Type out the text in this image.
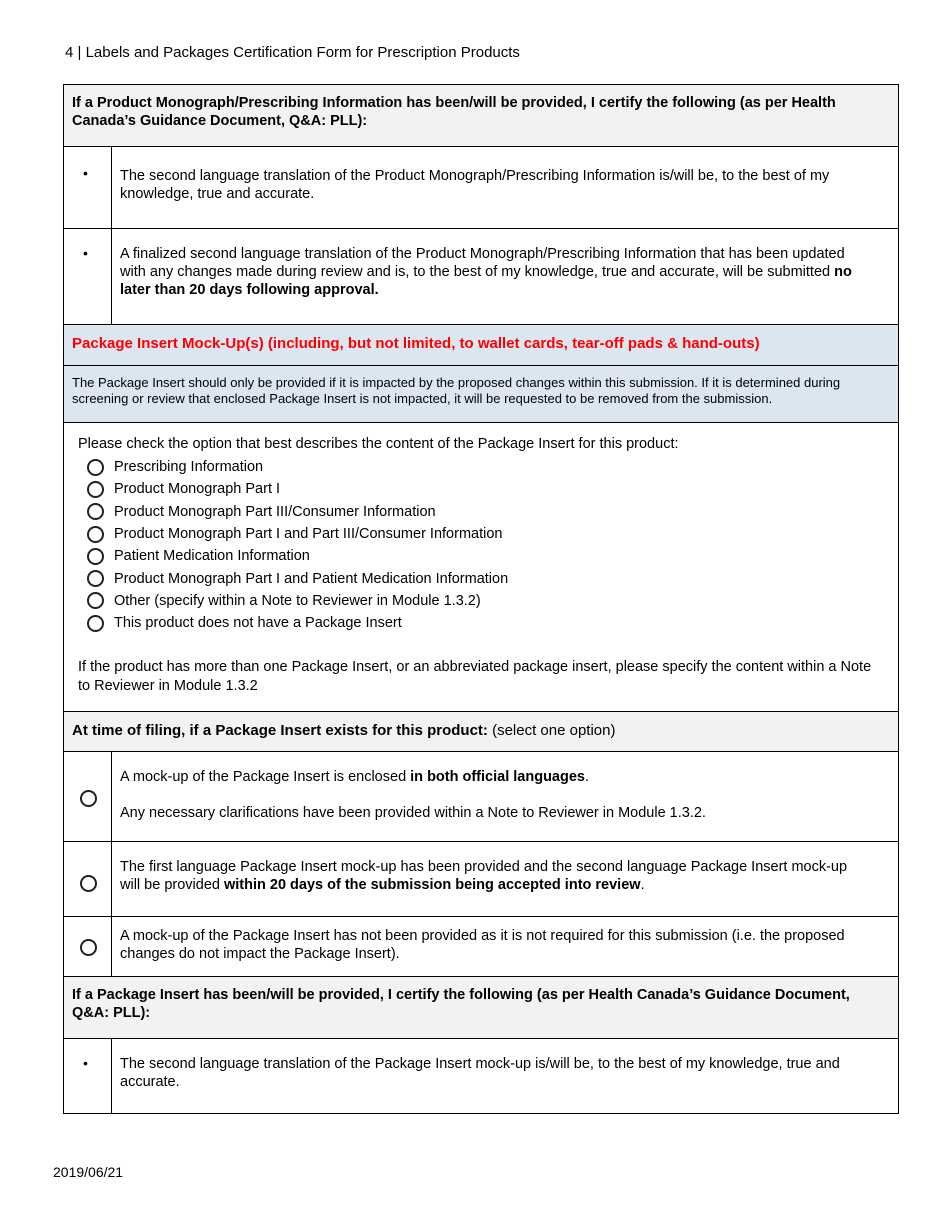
4 | Labels and Packages Certification Form for Prescription Products
If a Product Monograph/Prescribing Information has been/will be provided, I certify the following (as per Health Canada’s Guidance Document, Q&A: PLL):
•	The second language translation of the Product Monograph/Prescribing Information is/will be, to the best of my knowledge, true and accurate.
•	A finalized second language translation of the Product Monograph/Prescribing Information that has been updated with any changes made during review and is, to the best of my knowledge, true and accurate, will be submitted no later than 20 days following approval.
Package Insert Mock-Up(s) (including, but not limited, to wallet cards, tear-off pads & hand-outs)
The Package Insert should only be provided if it is impacted by the proposed changes within this submission. If it is determined during screening or review that enclosed Package Insert is not impacted, it will be requested to be removed from the submission.
Please check the option that best describes the content of the Package Insert for this product:
Prescribing Information
Product Monograph Part I
Product Monograph Part III/Consumer Information
Product Monograph Part I and Part III/Consumer Information
Patient Medication Information
Product Monograph Part I and Patient Medication Information
Other (specify within a Note to Reviewer in Module 1.3.2)
This product does not have a Package Insert
If the product has more than one Package Insert, or an abbreviated package insert, please specify the content within a Note to Reviewer in Module 1.3.2
At time of filing, if a Package Insert exists for this product: (select one option)
A mock-up of the Package Insert is enclosed in both official languages.
Any necessary clarifications have been provided within a Note to Reviewer in Module 1.3.2.
The first language Package Insert mock-up has been provided and the second language Package Insert mock-up will be provided within 20 days of the submission being accepted into review.
A mock-up of the Package Insert has not been provided as it is not required for this submission (i.e. the proposed changes do not impact the Package Insert).
If a Package Insert has been/will be provided, I certify the following (as per Health Canada’s Guidance Document, Q&A: PLL):
•	The second language translation of the Package Insert mock-up is/will be, to the best of my knowledge, true and accurate.
2019/06/21
